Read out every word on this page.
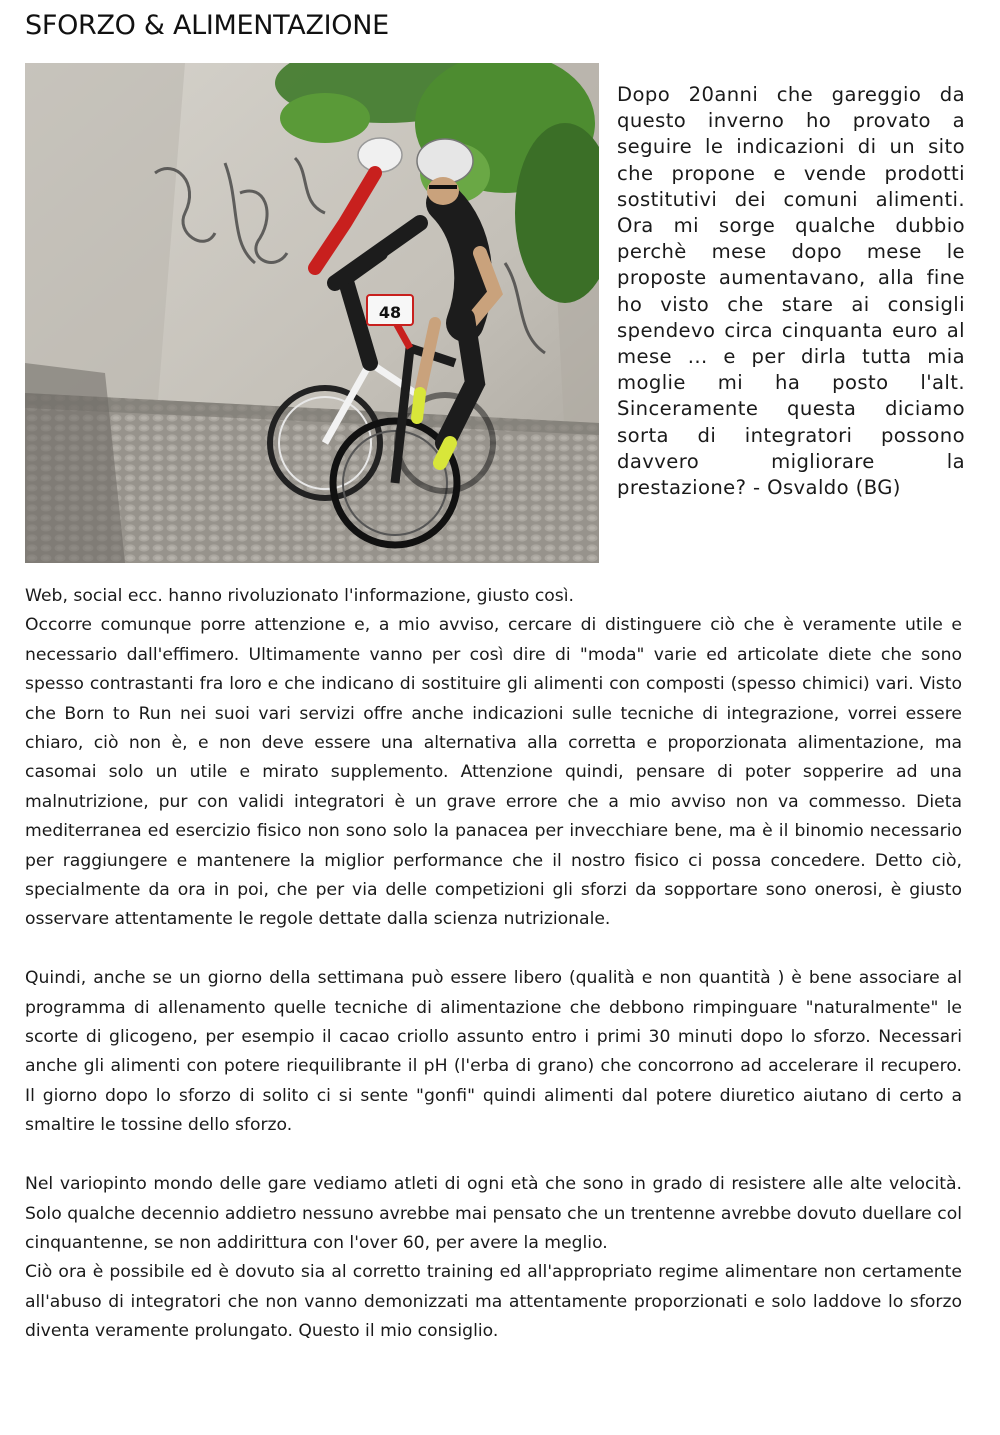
SFORZO & ALIMENTAZIONE
48

Dopo 20anni che gareggio da questo inverno ho provato a seguire le indicazioni di un sito che propone e vende prodotti sostitutivi dei comuni alimenti. Ora mi sorge qualche dubbio perchè mese dopo mese le proposte aumentavano, alla fine ho visto che stare ai consigli spendevo circa cinquanta euro al mese ... e per dirla tutta mia moglie mi ha posto l'alt. Sinceramente questa diciamo sorta di integratori possono davvero migliorare la prestazione? - Osvaldo (BG)

Web, social ecc. hanno rivoluzionato l'informazione, giusto così.

Occorre comunque porre attenzione e, a mio avviso, cercare di distinguere ciò che è veramente utile e necessario dall'effimero. Ultimamente vanno per così dire di "moda" varie ed articolate diete che sono spesso contrastanti fra loro e che indicano di sostituire gli alimenti con composti (spesso chimici) vari. Visto che Born to Run nei suoi vari servizi offre anche indicazioni sulle tecniche di integrazione, vorrei essere chiaro, ciò non è, e non deve essere una alternativa alla corretta e proporzionata alimentazione, ma casomai solo un utile e mirato supplemento. Attenzione quindi, pensare di poter sopperire ad una malnutrizione, pur con validi integratori è un grave errore che a mio avviso non va commesso. Dieta mediterranea ed esercizio fisico non sono solo la panacea per invecchiare bene, ma è il binomio necessario per raggiungere e mantenere la miglior performance che il nostro fisico ci possa concedere. Detto ciò, specialmente da ora in poi, che per via delle competizioni gli sforzi da sopportare sono onerosi, è giusto osservare attentamente le regole dettate dalla scienza nutrizionale.

Quindi, anche se un giorno della settimana può essere libero (qualità e non quantità ) è bene associare al programma di allenamento quelle tecniche di alimentazione che debbono rimpinguare "naturalmente" le scorte di glicogeno, per esempio il cacao criollo assunto entro i primi 30 minuti dopo lo sforzo. Necessari anche gli alimenti con potere riequilibrante il pH (l'erba di grano) che concorrono ad accelerare il recupero. Il giorno dopo lo sforzo di solito ci si sente "gonfi" quindi alimenti dal potere diuretico aiutano di certo a smaltire le tossine dello sforzo.

Nel variopinto mondo delle gare vediamo atleti di ogni età che sono in grado di resistere alle alte velocità. Solo qualche decennio addietro nessuno avrebbe mai pensato che un trentenne avrebbe dovuto duellare col cinquantenne, se non addirittura con l'over 60, per avere la meglio.

Ciò ora è possibile ed è dovuto sia al corretto training ed all'appropriato regime alimentare non certamente all'abuso di integratori che non vanno demonizzati ma attentamente proporzionati e solo laddove lo sforzo diventa veramente prolungato. Questo il mio consiglio.
